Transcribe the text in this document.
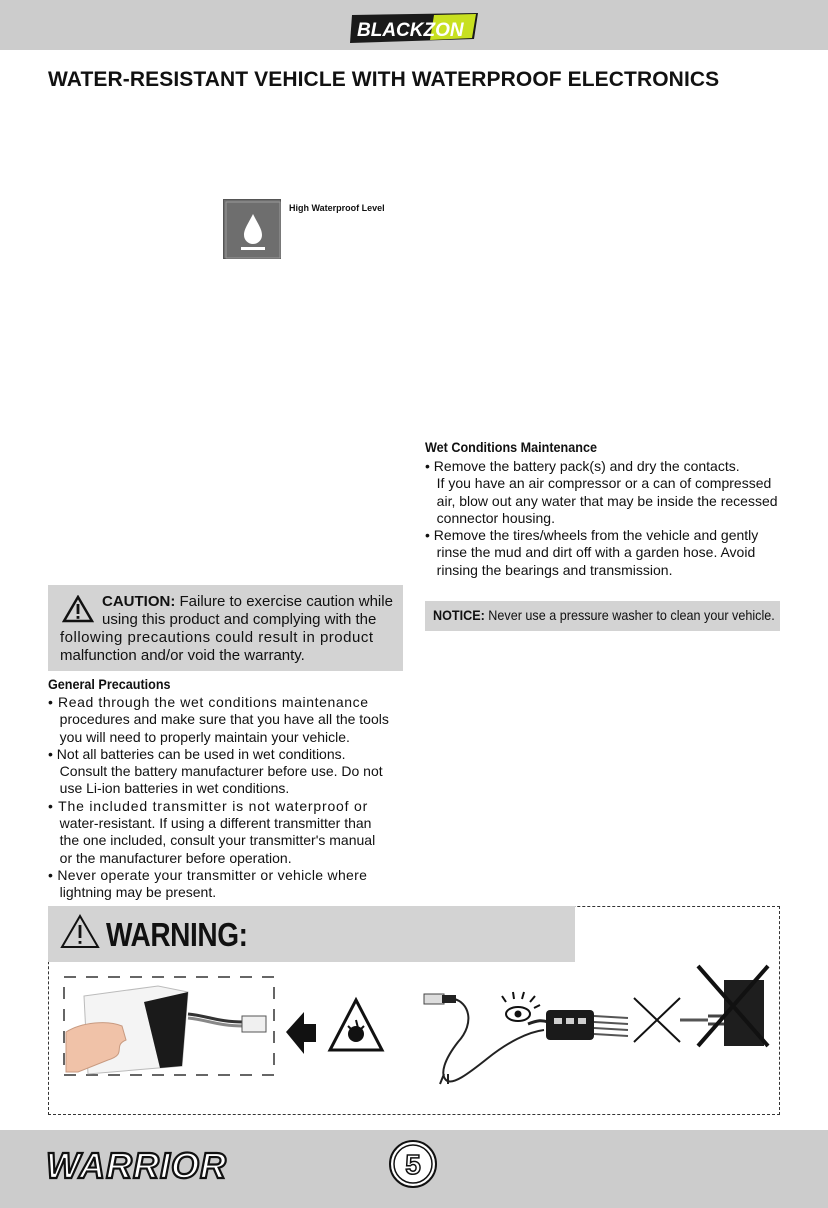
BLACKZON
WATER-RESISTANT VEHICLE WITH WATERPROOF ELECTRONICS
High Waterproof Level
Wet Conditions Maintenance
• Remove the battery pack(s) and dry the contacts.
If you have an air compressor or a can of compressed
air, blow out any water that may be inside the recessed
connector housing.
• Remove the tires/wheels from the vehicle and gently
rinse the mud and dirt off with a garden hose. Avoid
rinsing the bearings and transmission.
CAUTION: Failure to exercise caution while
using this product and complying with the
following precautions could result in product
malfunction and/or void the warranty.
NOTICE: Never use a pressure washer to clean your vehicle.
General Precautions
• Read through the wet conditions maintenance
procedures and make sure that you have all the tools
you will need to properly maintain your vehicle.
• Not all batteries can be used in wet conditions.
Consult the battery manufacturer before use. Do not
use Li-ion batteries in wet conditions.
• The included transmitter is not waterproof or
water-resistant. If using a different transmitter than
the one included, consult your transmitter's manual
or the manufacturer before operation.
• Never operate your transmitter or vehicle where
lightning may be present.
WARNING:
WARRIOR	5
